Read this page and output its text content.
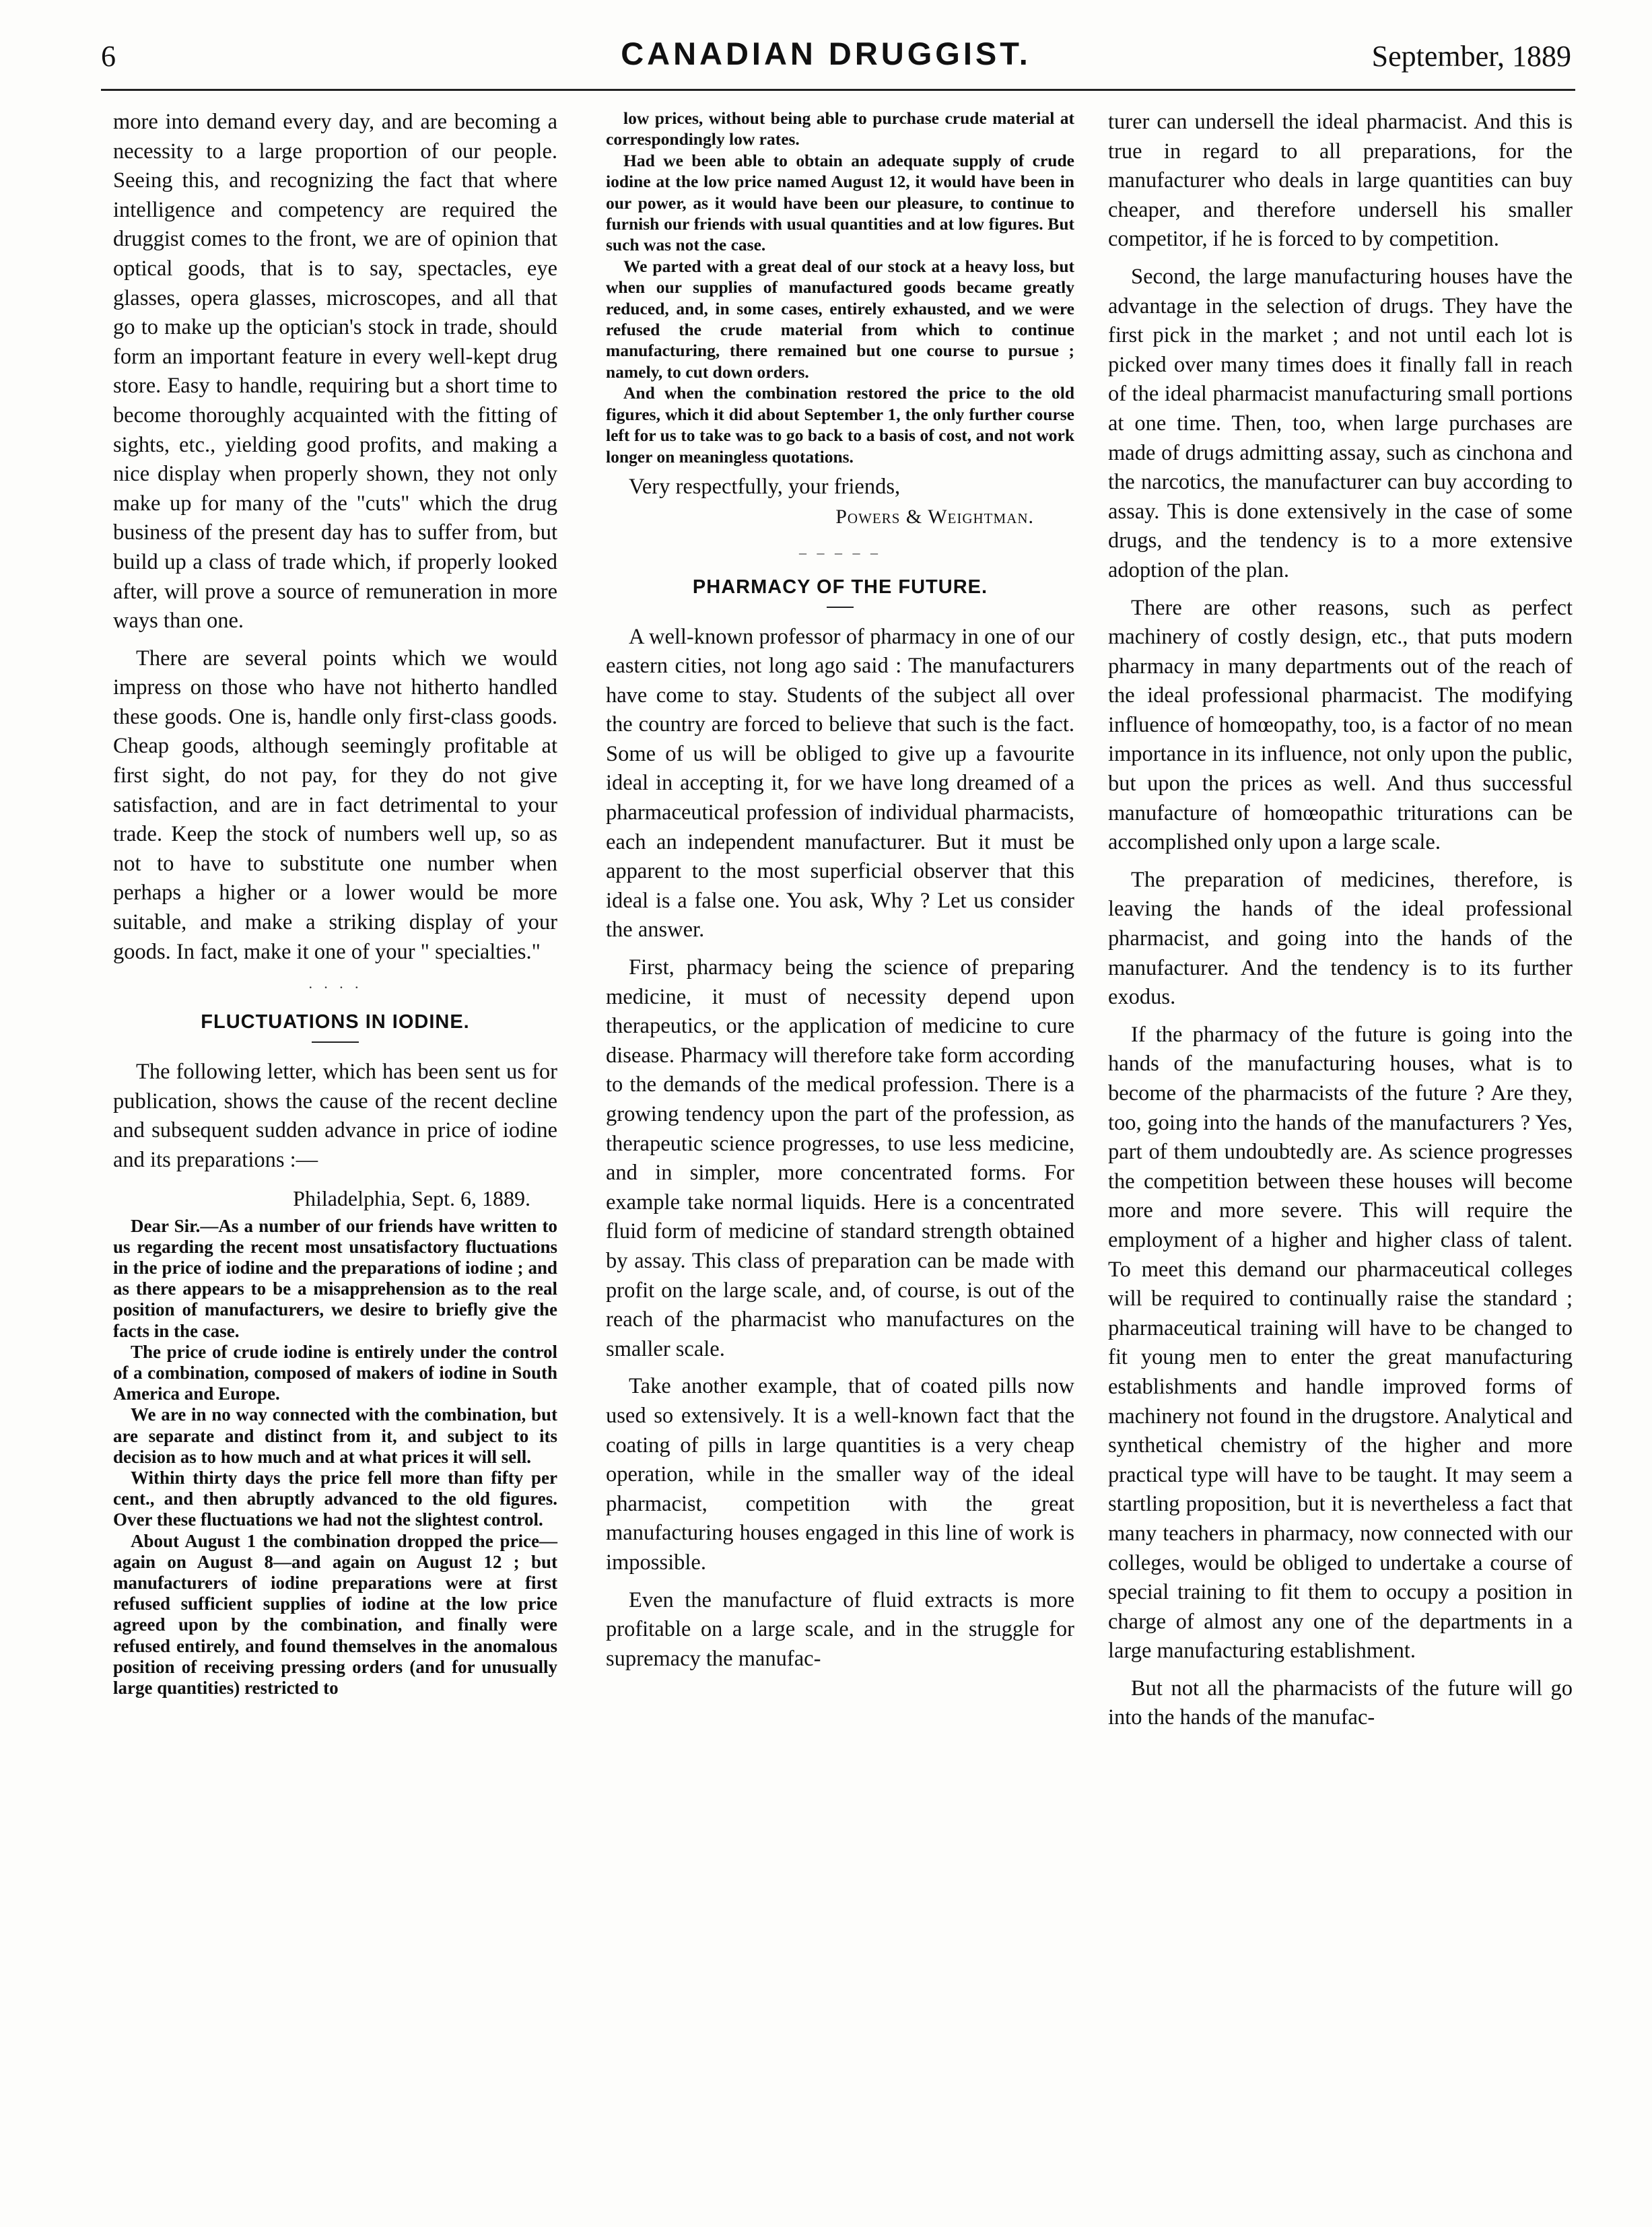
6	CANADIAN DRUGGIST.	September, 1889

more into demand every day, and are becoming a necessity to a large proportion of our people. Seeing this, and recognizing the fact that where intelligence and competency are required the druggist comes to the front, we are of opinion that optical goods, that is to say, spectacles, eye glasses, opera glasses, microscopes, and all that go to make up the optician's stock in trade, should form an important feature in every well-kept drug store. Easy to handle, requiring but a short time to become thoroughly acquainted with the fitting of sights, etc., yielding good profits, and making a nice display when properly shown, they not only make up for many of the "cuts" which the drug business of the present day has to suffer from, but build up a class of trade which, if properly looked after, will prove a source of remuneration in more ways than one.

There are several points which we would impress on those who have not hitherto handled these goods. One is, handle only first-class goods. Cheap goods, although seemingly profitable at first sight, do not pay, for they do not give satisfaction, and are in fact detrimental to your trade. Keep the stock of numbers well up, so as not to have to substitute one number when perhaps a higher or a lower would be more suitable, and make a striking display of your goods. In fact, make it one of your " specialties."

· · · ·
FLUCTUATIONS IN IODINE.

The following letter, which has been sent us for publication, shows the cause of the recent decline and subsequent sudden advance in price of iodine and its preparations :—

Philadelphia, Sept. 6, 1889.

Dear Sir.—As a number of our friends have written to us regarding the recent most unsatisfactory fluctuations in the price of iodine and the preparations of iodine ; and as there appears to be a misapprehension as to the real position of manufacturers, we desire to briefly give the facts in the case.

The price of crude iodine is entirely under the control of a combination, composed of makers of iodine in South America and Europe.

We are in no way connected with the combination, but are separate and distinct from it, and subject to its decision as to how much and at what prices it will sell.

Within thirty days the price fell more than fifty per cent., and then abruptly advanced to the old figures. Over these fluctuations we had not the slightest control.

About August 1 the combination dropped the price—again on August 8—and again on August 12 ; but manufacturers of iodine preparations were at first refused sufficient supplies of iodine at the low price agreed upon by the combination, and finally were refused entirely, and found themselves in the anomalous position of receiving pressing orders (and for unusually large quantities) restricted to

low prices, without being able to purchase crude material at correspondingly low rates.

Had we been able to obtain an adequate supply of crude iodine at the low price named August 12, it would have been in our power, as it would have been our pleasure, to continue to furnish our friends with usual quantities and at low figures. But such was not the case.

We parted with a great deal of our stock at a heavy loss, but when our supplies of manufactured goods became greatly reduced, and, in some cases, entirely exhausted, and we were refused the crude material from which to continue manufacturing, there remained but one course to pursue ; namely, to cut down orders.

And when the combination restored the price to the old figures, which it did about September 1, the only further course left for us to take was to go back to a basis of cost, and not work longer on meaningless quotations.

Very respectfully, your friends,

Powers & Weightman.
– – – – –
PHARMACY OF THE FUTURE.

A well-known professor of pharmacy in one of our eastern cities, not long ago said : The manufacturers have come to stay. Students of the subject all over the country are forced to believe that such is the fact. Some of us will be obliged to give up a favourite ideal in accepting it, for we have long dreamed of a pharmaceutical profession of individual pharmacists, each an independent manufacturer. But it must be apparent to the most superficial observer that this ideal is a false one. You ask, Why ? Let us consider the answer.

First, pharmacy being the science of preparing medicine, it must of necessity depend upon therapeutics, or the application of medicine to cure disease. Pharmacy will therefore take form according to the demands of the medical profession. There is a growing tendency upon the part of the profession, as therapeutic science progresses, to use less medicine, and in simpler, more concentrated forms. For example take normal liquids. Here is a concentrated fluid form of medicine of standard strength obtained by assay. This class of preparation can be made with profit on the large scale, and, of course, is out of the reach of the pharmacist who manufactures on the smaller scale.

Take another example, that of coated pills now used so extensively. It is a well-known fact that the coating of pills in large quantities is a very cheap operation, while in the smaller way of the ideal pharmacist, competition with the great manufacturing houses engaged in this line of work is impossible.

Even the manufacture of fluid extracts is more profitable on a large scale, and in the struggle for supremacy the manufac-

turer can undersell the ideal pharmacist. And this is true in regard to all preparations, for the manufacturer who deals in large quantities can buy cheaper, and therefore undersell his smaller competitor, if he is forced to by competition.

Second, the large manufacturing houses have the advantage in the selection of drugs. They have the first pick in the market ; and not until each lot is picked over many times does it finally fall in reach of the ideal pharmacist manufacturing small portions at one time. Then, too, when large purchases are made of drugs admitting assay, such as cinchona and the narcotics, the manufacturer can buy according to assay. This is done extensively in the case of some drugs, and the tendency is to a more extensive adoption of the plan.

There are other reasons, such as perfect machinery of costly design, etc., that puts modern pharmacy in many departments out of the reach of the ideal professional pharmacist. The modifying influence of homœopathy, too, is a factor of no mean importance in its influence, not only upon the public, but upon the prices as well. And thus successful manufacture of homœopathic triturations can be accomplished only upon a large scale.

The preparation of medicines, therefore, is leaving the hands of the ideal professional pharmacist, and going into the hands of the manufacturer. And the tendency is to its further exodus.

If the pharmacy of the future is going into the hands of the manufacturing houses, what is to become of the pharmacists of the future ? Are they, too, going into the hands of the manufacturers ? Yes, part of them undoubtedly are. As science progresses the competition between these houses will become more and more severe. This will require the employment of a higher and higher class of talent. To meet this demand our pharmaceutical colleges will be required to continually raise the standard ; pharmaceutical training will have to be changed to fit young men to enter the great manufacturing establishments and handle improved forms of machinery not found in the drugstore. Analytical and synthetical chemistry of the higher and more practical type will have to be taught. It may seem a startling proposition, but it is nevertheless a fact that many teachers in pharmacy, now connected with our colleges, would be obliged to undertake a course of special training to fit them to occupy a position in charge of almost any one of the departments in a large manufacturing establishment.

But not all the pharmacists of the future will go into the hands of the manufac-
